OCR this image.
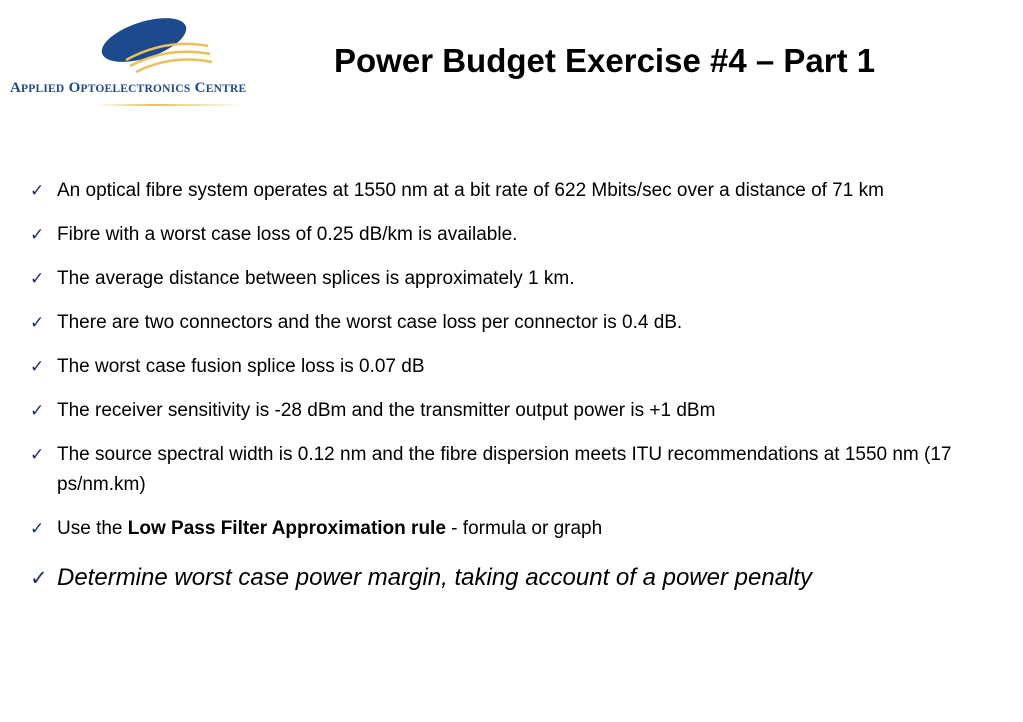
APPLIED OPTOELECTRONICS CENTRE
Power Budget Exercise #4 – Part 1
✓ An optical fibre system operates at 1550 nm at a bit rate of 622 Mbits/sec over a distance of 71 km
✓ Fibre with a worst case loss of 0.25 dB/km is available.
✓ The average distance between splices is approximately 1 km.
✓ There are two connectors and the worst case loss per connector is 0.4 dB.
✓ The worst case fusion splice loss is 0.07 dB
✓ The receiver sensitivity is -28 dBm and the transmitter output power is +1 dBm
✓ The source spectral width is 0.12 nm and the fibre dispersion meets ITU recommendations at 1550 nm (17 ps/nm.km)
✓ Use the Low Pass Filter Approximation rule - formula or graph
✓ Determine worst case power margin, taking account of a power penalty
